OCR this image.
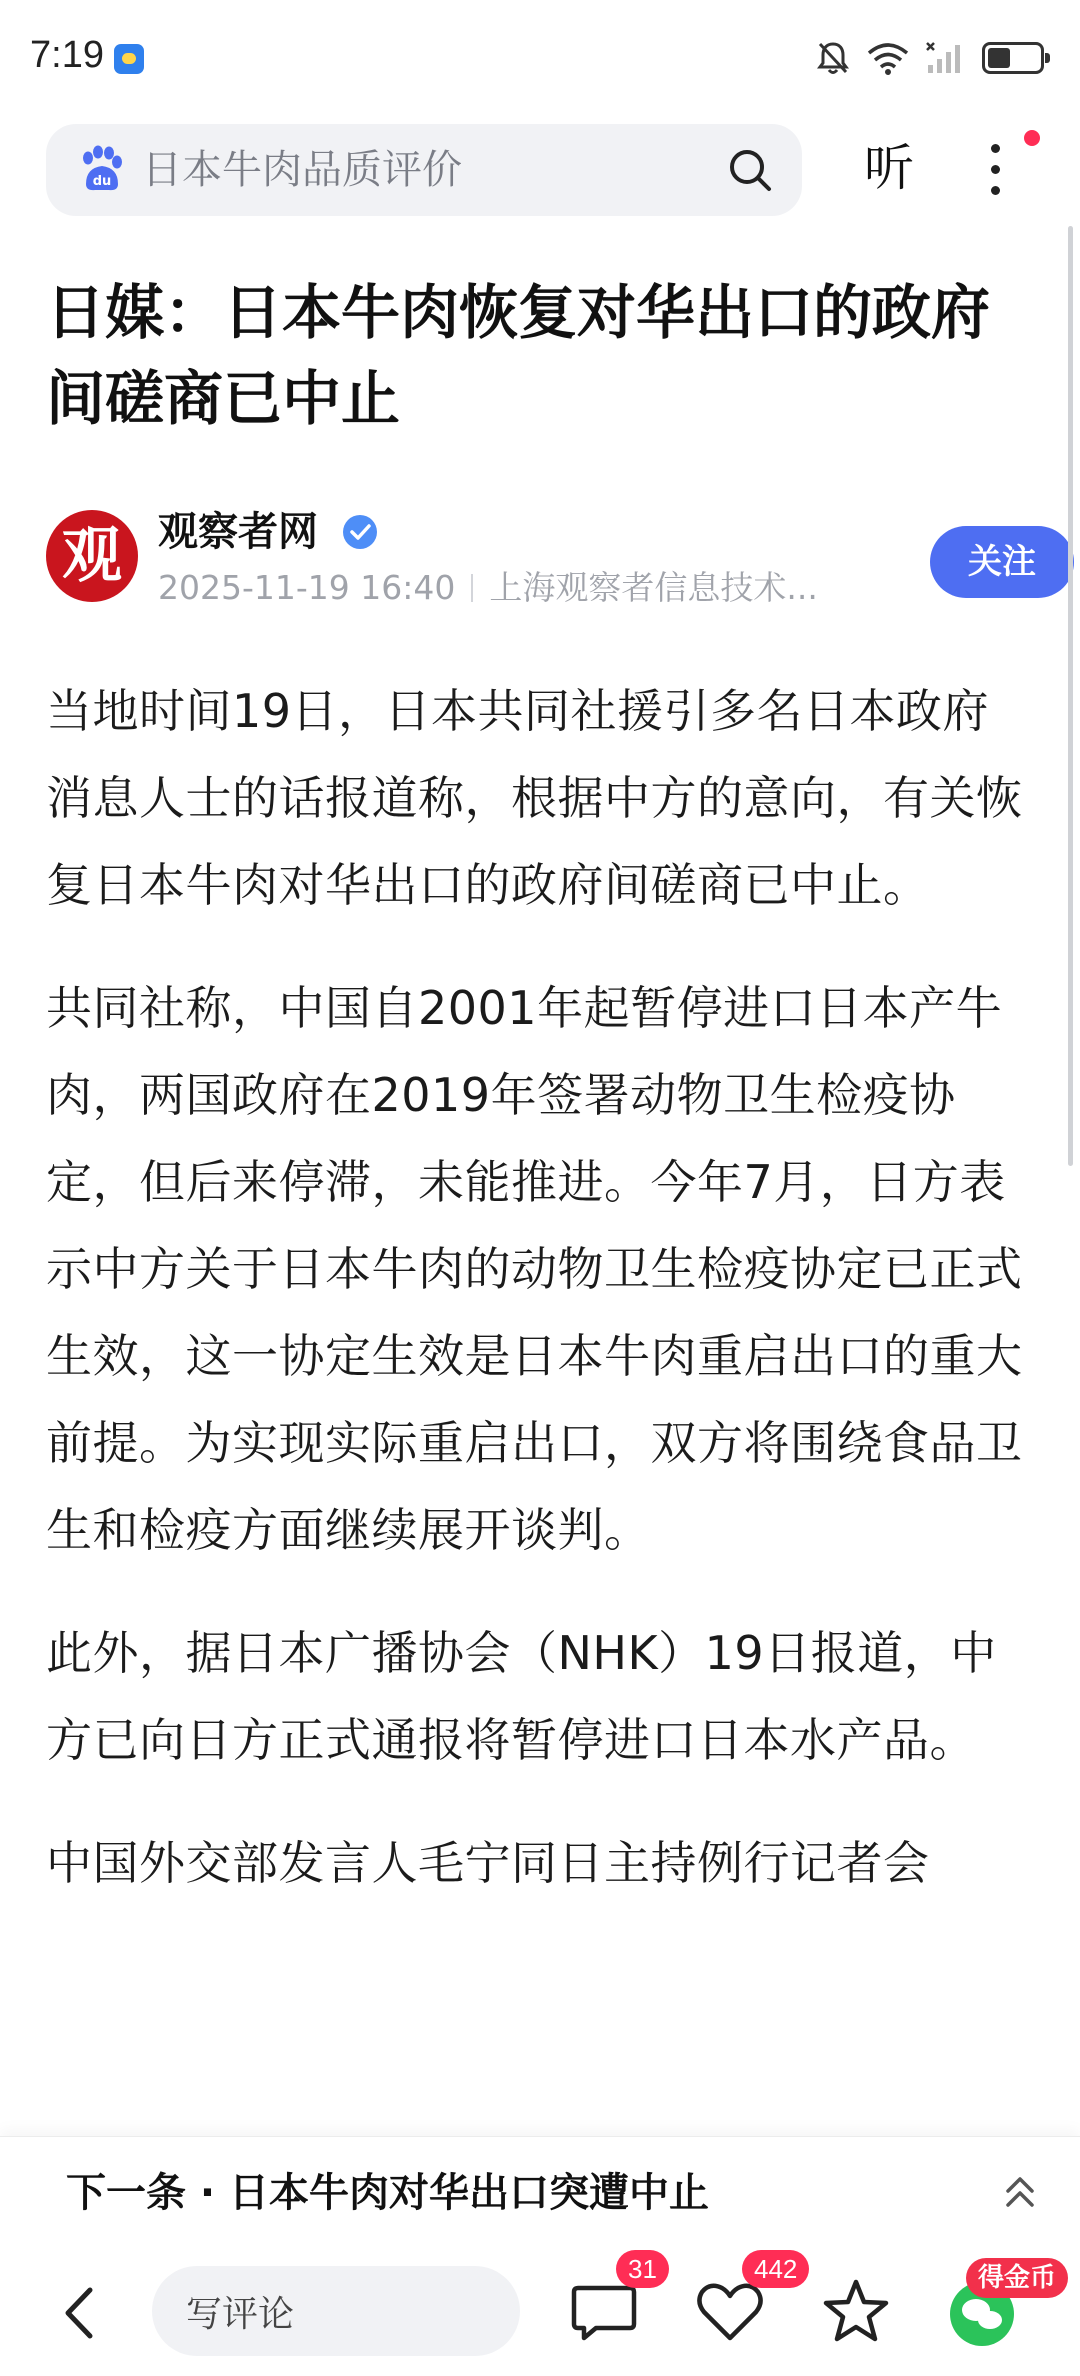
7:19
du 日本牛肉品质评价	听
日媒：日本牛肉恢复对华出口的政府间磋商已中止
观 观察者网
2025-11-19 16:40 上海观察者信息技术...
关注

当地时间19日，日本共同社援引多名日本政府消息人士的话报道称，根据中方的意向，有关恢复日本牛肉对华出口的政府间磋商已中止。

共同社称，中国自2001年起暂停进口日本产牛肉，两国政府在2019年签署动物卫生检疫协定，但后来停滞，未能推进。今年7月，日方表示中方关于日本牛肉的动物卫生检疫协定已正式生效，这一协定生效是日本牛肉重启出口的重大前提。为实现实际重启出口，双方将围绕食品卫生和检疫方面继续展开谈判。

此外，据日本广播协会（NHK）19日报道，中方已向日方正式通报将暂停进口日本水产品。

中国外交部发言人毛宁同日主持例行记者会

下一条 · 日本牛肉对华出口突遭中止
写评论
31	442	得金币
